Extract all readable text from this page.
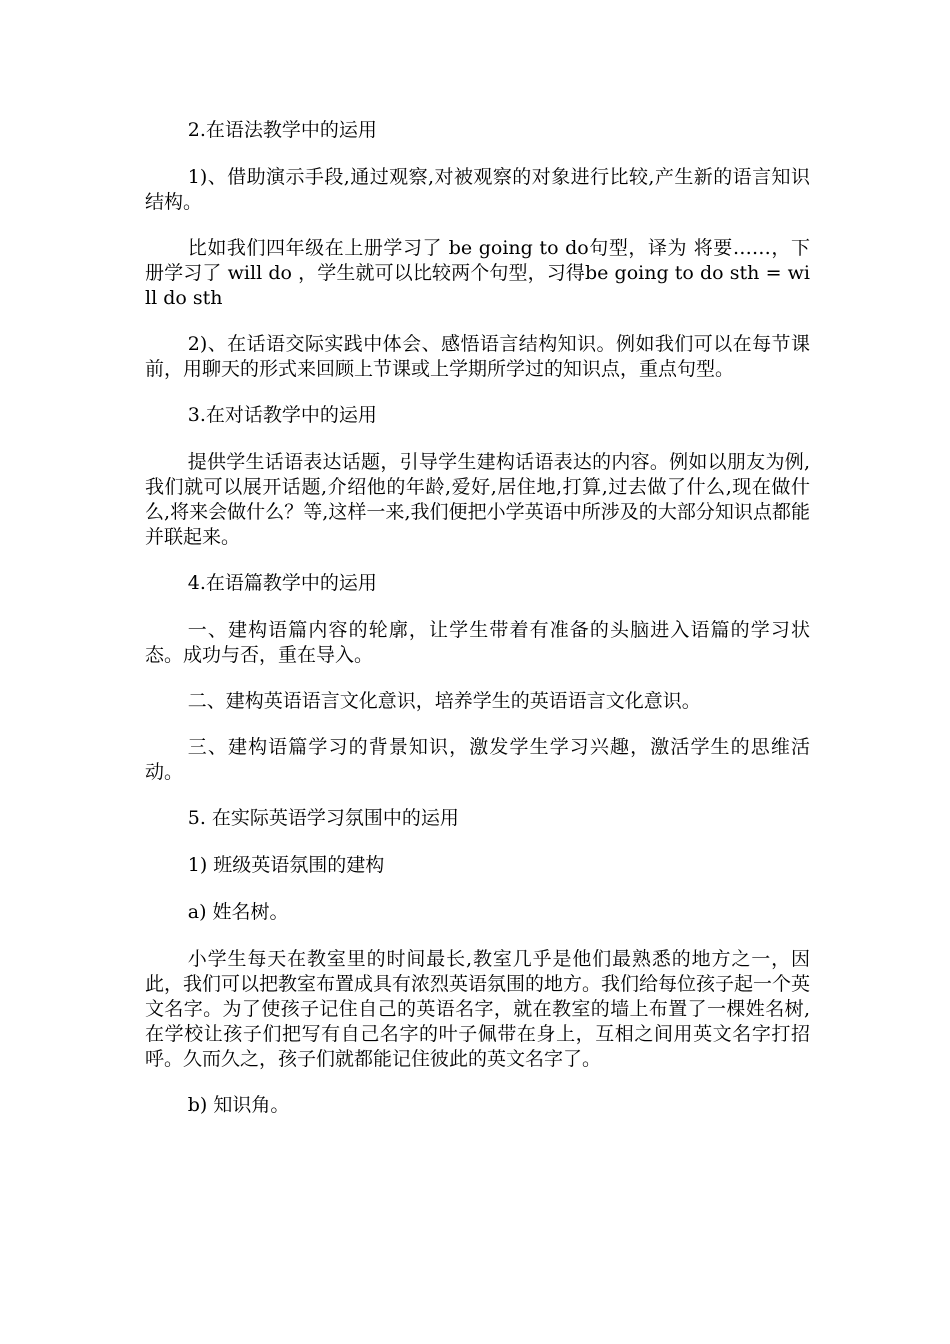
2.在语法教学中的运用

1)、借助演示手段,通过观察,对被观察的对象进行比较,产生新的语言知识结构。

比如我们四年级在上册学习了 be going to do句型，译为 将要……，下册学习了 will do ，学生就可以比较两个句型，习得be going to do sth = will do sth

2)、在话语交际实践中体会、感悟语言结构知识。例如我们可以在每节课前，用聊天的形式来回顾上节课或上学期所学过的知识点，重点句型。

3.在对话教学中的运用

提供学生话语表达话题，引导学生建构话语表达的内容。例如以朋友为例,我们就可以展开话题,介绍他的年龄,爱好,居住地,打算,过去做了什么,现在做什么,将来会做什么？等,这样一来,我们便把小学英语中所涉及的大部分知识点都能并联起来。

4.在语篇教学中的运用

一、建构语篇内容的轮廓，让学生带着有准备的头脑进入语篇的学习状态。成功与否，重在导入。

二、建构英语语言文化意识，培养学生的英语语言文化意识。

三、建构语篇学习的背景知识，激发学生学习兴趣，激活学生的思维活动。

5. 在实际英语学习氛围中的运用

1) 班级英语氛围的建构

a) 姓名树。

小学生每天在教室里的时间最长,教室几乎是他们最熟悉的地方之一，因此，我们可以把教室布置成具有浓烈英语氛围的地方。我们给每位孩子起一个英文名字。为了使孩子记住自己的英语名字，就在教室的墙上布置了一棵姓名树,在学校让孩子们把写有自己名字的叶子佩带在身上，互相之间用英文名字打招呼。久而久之，孩子们就都能记住彼此的英文名字了。

b) 知识角。
